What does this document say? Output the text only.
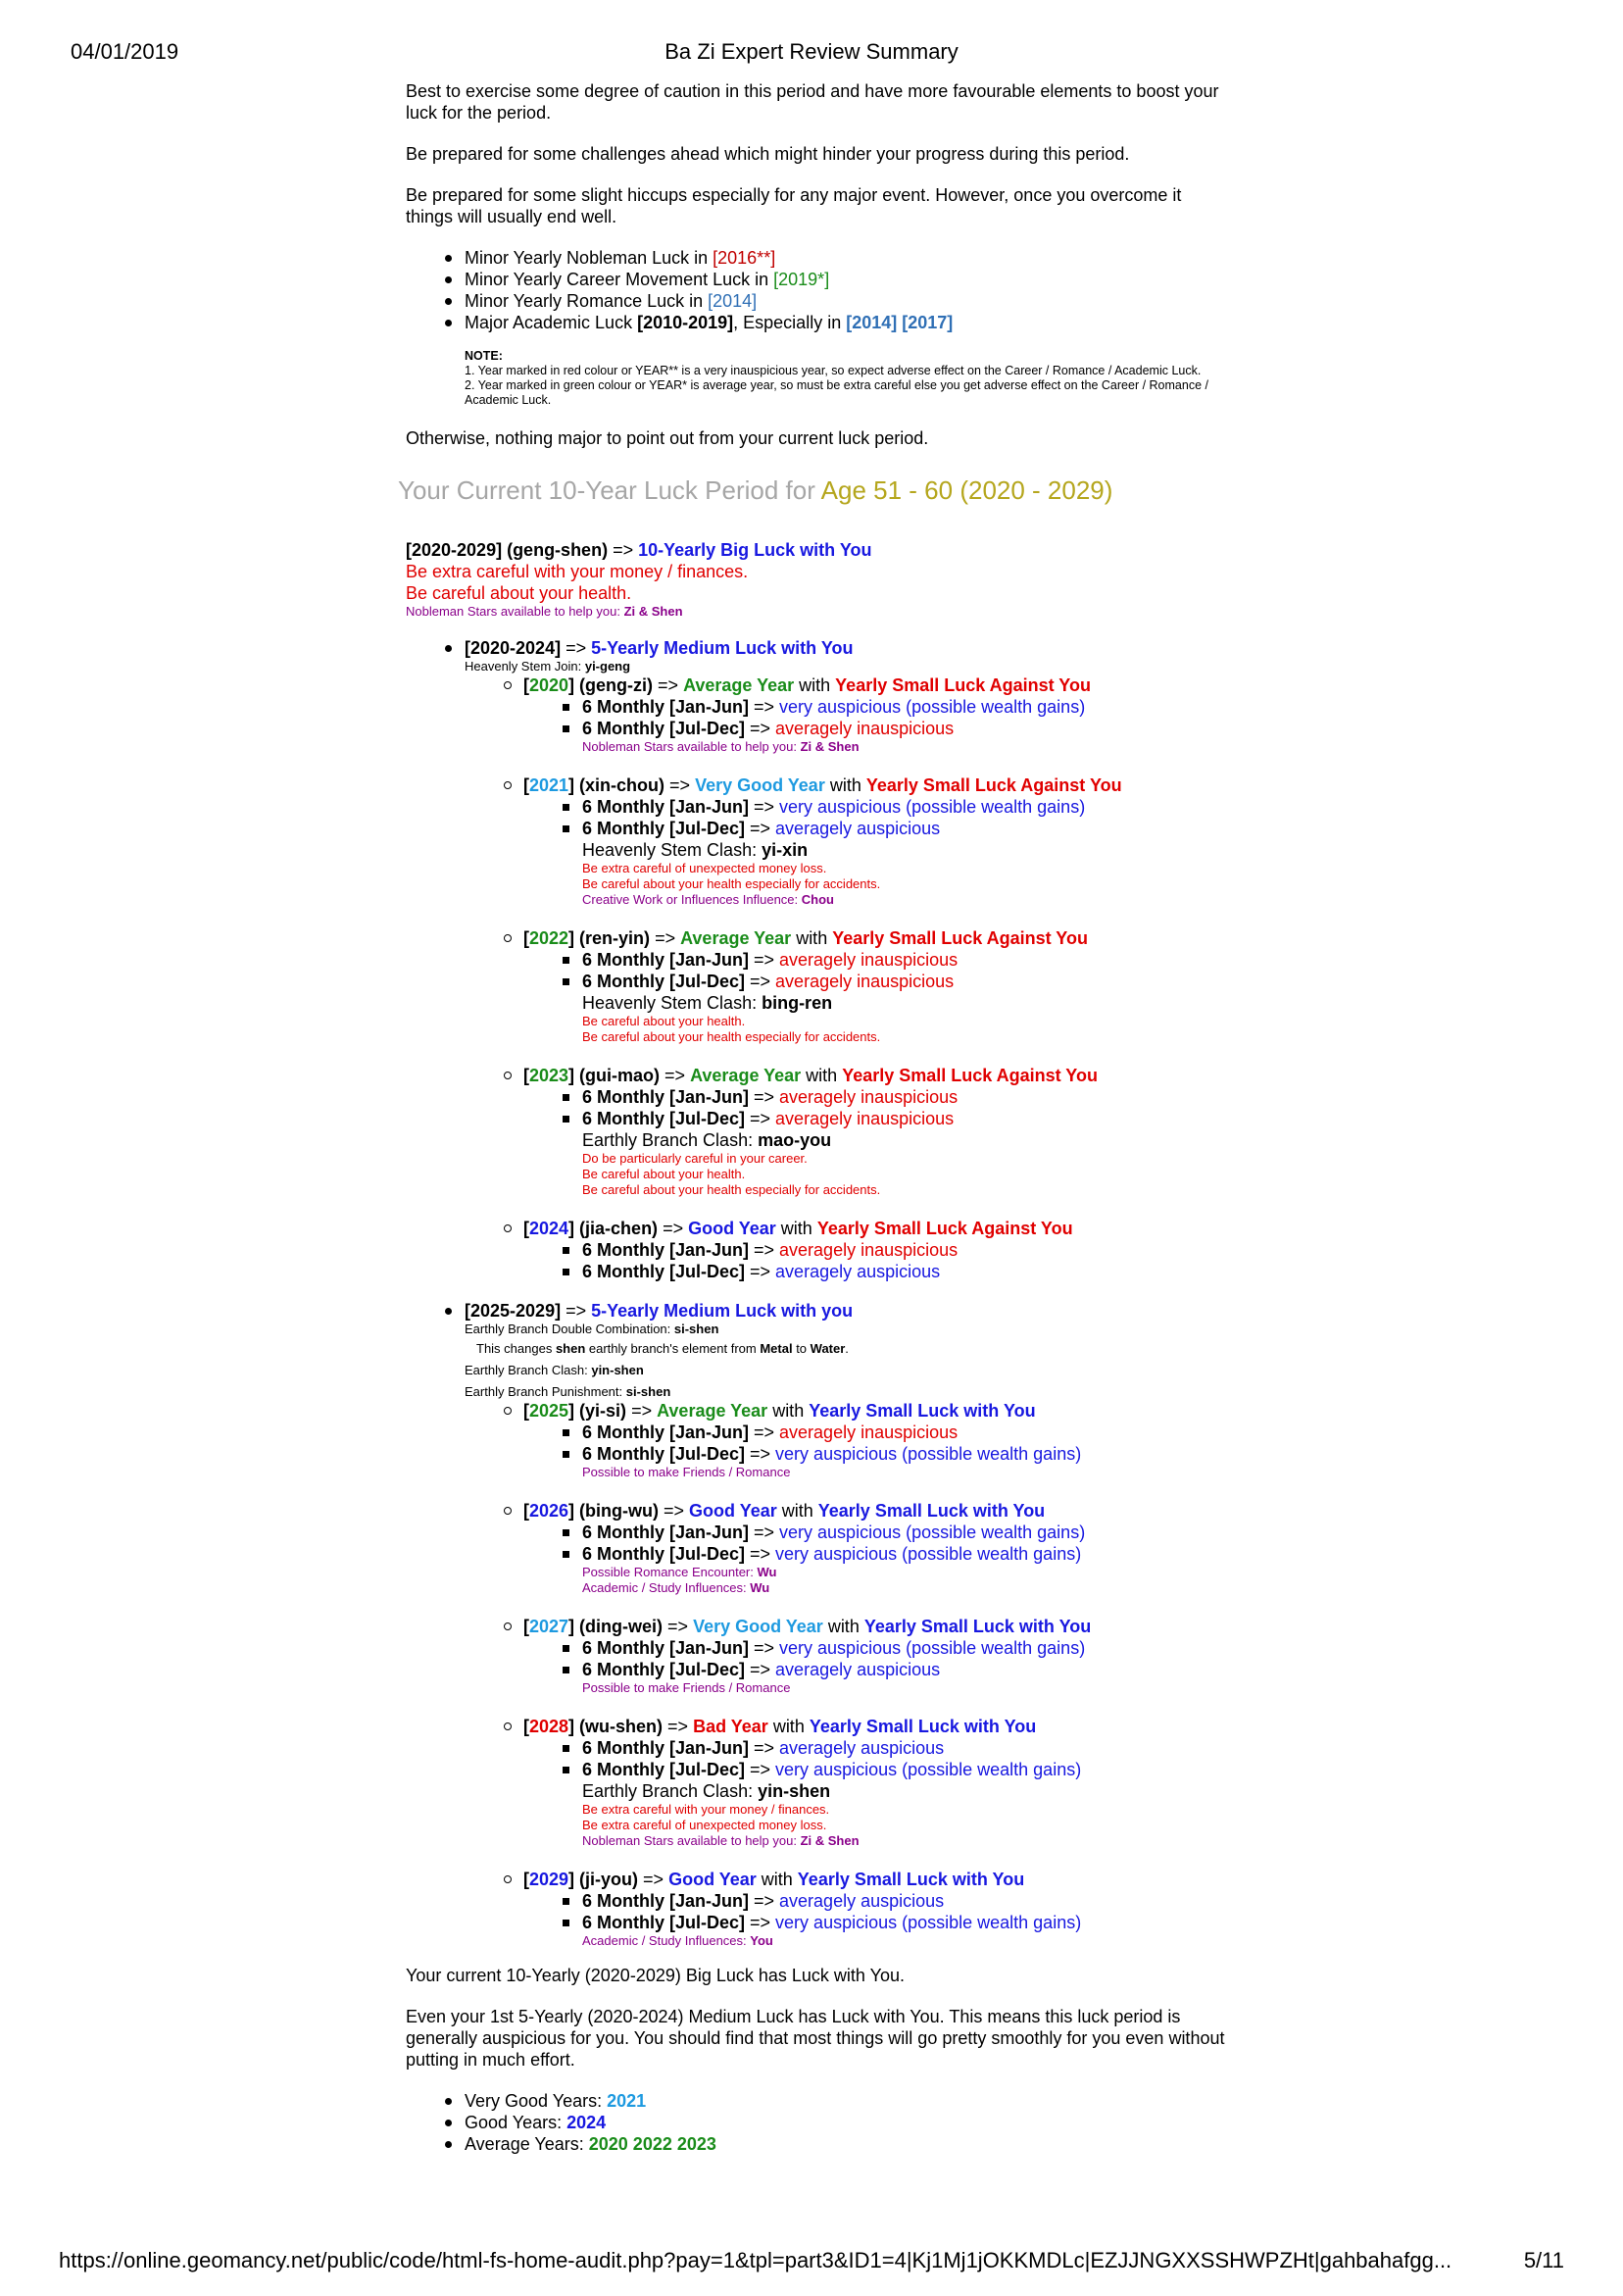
04/01/2019	Ba Zi Expert Review Summary

Best to exercise some degree of caution in this period and have more favourable elements to boost your luck for the period.

Be prepared for some challenges ahead which might hinder your progress during this period.

Be prepared for some slight hiccups especially for any major event. However, once you overcome it things will usually end well.

Minor Yearly Nobleman Luck in [2016**]
Minor Yearly Career Movement Luck in [2019*]
Minor Yearly Romance Luck in [2014]
Major Academic Luck [2010-2019], Especially in [2014] [2017]
NOTE:
1. Year marked in red colour or YEAR** is a very inauspicious year, so expect adverse effect on the Career / Romance / Academic Luck.
2. Year marked in green colour or YEAR* is average year, so must be extra careful else you get adverse effect on the Career / Romance / Academic Luck.

Otherwise, nothing major to point out from your current luck period.

Your Current 10-Year Luck Period for Age 51 - 60 (2020 - 2029)
[2020-2029] (geng-shen) => 10-Yearly Big Luck with You
Be extra careful with your money / finances.
Be careful about your health.
Nobleman Stars available to help you: Zi & Shen
[2020-2024] => 5-Yearly Medium Luck with You
Heavenly Stem Join: yi-geng
[2020] (geng-zi) => Average Year with Yearly Small Luck Against You
6 Monthly [Jan-Jun] => very auspicious (possible wealth gains)
6 Monthly [Jul-Dec] => averagely inauspicious
Nobleman Stars available to help you: Zi & Shen
[2021] (xin-chou) => Very Good Year with Yearly Small Luck Against You
6 Monthly [Jan-Jun] => very auspicious (possible wealth gains)
6 Monthly [Jul-Dec] => averagely auspicious
Heavenly Stem Clash: yi-xin
Be extra careful of unexpected money loss.
Be careful about your health especially for accidents.
Creative Work or Influences Influence: Chou
[2022] (ren-yin) => Average Year with Yearly Small Luck Against You
6 Monthly [Jan-Jun] => averagely inauspicious
6 Monthly [Jul-Dec] => averagely inauspicious
Heavenly Stem Clash: bing-ren
Be careful about your health.
Be careful about your health especially for accidents.
[2023] (gui-mao) => Average Year with Yearly Small Luck Against You
6 Monthly [Jan-Jun] => averagely inauspicious
6 Monthly [Jul-Dec] => averagely inauspicious
Earthly Branch Clash: mao-you
Do be particularly careful in your career.
Be careful about your health.
Be careful about your health especially for accidents.
[2024] (jia-chen) => Good Year with Yearly Small Luck Against You
6 Monthly [Jan-Jun] => averagely inauspicious
6 Monthly [Jul-Dec] => averagely auspicious
[2025-2029] => 5-Yearly Medium Luck with you
Earthly Branch Double Combination: si-shen
This changes shen earthly branch's element from Metal to Water.
Earthly Branch Clash: yin-shen
Earthly Branch Punishment: si-shen
[2025] (yi-si) => Average Year with Yearly Small Luck with You
6 Monthly [Jan-Jun] => averagely inauspicious
6 Monthly [Jul-Dec] => very auspicious (possible wealth gains)
Possible to make Friends / Romance
[2026] (bing-wu) => Good Year with Yearly Small Luck with You
6 Monthly [Jan-Jun] => very auspicious (possible wealth gains)
6 Monthly [Jul-Dec] => very auspicious (possible wealth gains)
Possible Romance Encounter: Wu
Academic / Study Influences: Wu
[2027] (ding-wei) => Very Good Year with Yearly Small Luck with You
6 Monthly [Jan-Jun] => very auspicious (possible wealth gains)
6 Monthly [Jul-Dec] => averagely auspicious
Possible to make Friends / Romance
[2028] (wu-shen) => Bad Year with Yearly Small Luck with You
6 Monthly [Jan-Jun] => averagely auspicious
6 Monthly [Jul-Dec] => very auspicious (possible wealth gains)
Earthly Branch Clash: yin-shen
Be extra careful with your money / finances.
Be extra careful of unexpected money loss.
Nobleman Stars available to help you: Zi & Shen
[2029] (ji-you) => Good Year with Yearly Small Luck with You
6 Monthly [Jan-Jun] => averagely auspicious
6 Monthly [Jul-Dec] => very auspicious (possible wealth gains)
Academic / Study Influences: You

Your current 10-Yearly (2020-2029) Big Luck has Luck with You.

Even your 1st 5-Yearly (2020-2024) Medium Luck has Luck with You. This means this luck period is generally auspicious for you. You should find that most things will go pretty smoothly for you even without putting in much effort.

Very Good Years: 2021
Good Years: 2024
Average Years: 2020 2022 2023
https://online.geomancy.net/public/code/html-fs-home-audit.php?pay=1&tpl=part3&ID1=4|Kj1Mj1jOKKMDLc|EZJJNGXXSSHWPZHt|gahbahafgg...	5/11
